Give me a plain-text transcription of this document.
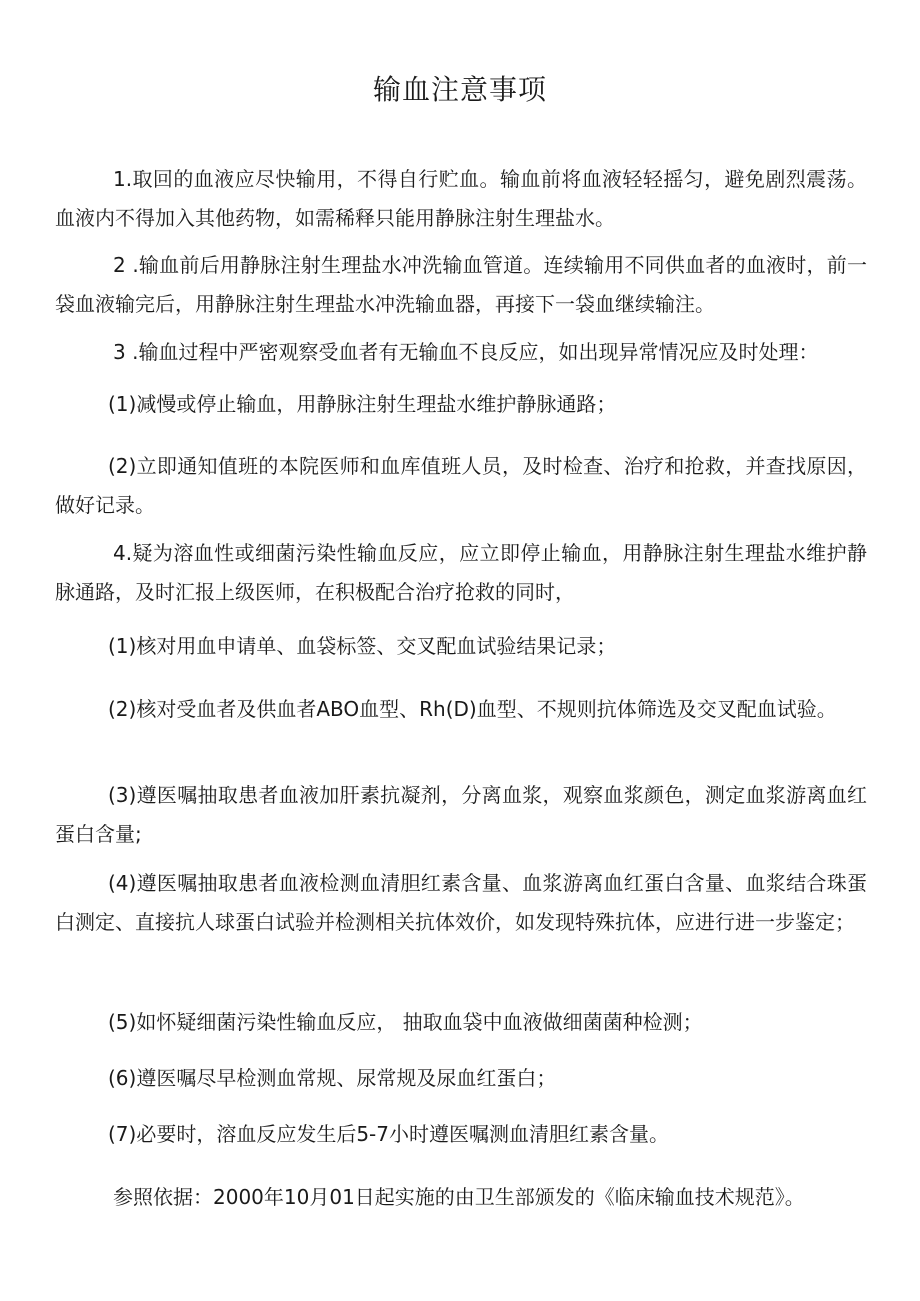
输血注意事项

1.取回的血液应尽快输用，不得自行贮血。输血前将血液轻轻摇匀，避免剧烈震荡。血液内不得加入其他药物，如需稀释只能用静脉注射生理盐水。

2 .输血前后用静脉注射生理盐水冲洗输血管道。连续输用不同供血者的血液时，前一袋血液输完后，用静脉注射生理盐水冲洗输血器，再接下一袋血继续输注。

3 .输血过程中严密观察受血者有无输血不良反应，如出现异常情况应及时处理：

(1)减慢或停止输血，用静脉注射生理盐水维护静脉通路；

(2)立即通知值班的本院医师和血库值班人员，及时检查、治疗和抢救，并查找原因，做好记录。

4.疑为溶血性或细菌污染性输血反应，应立即停止输血，用静脉注射生理盐水维护静脉通路，及时汇报上级医师，在积极配合治疗抢救的同时，

(1)核对用血申请单、血袋标签、交叉配血试验结果记录；

(2)核对受血者及供血者ABO血型、Rh(D)血型、不规则抗体筛选及交叉配血试验。

(3)遵医嘱抽取患者血液加肝素抗凝剂，分离血浆，观察血浆颜色，测定血浆游离血红蛋白含量;

(4)遵医嘱抽取患者血液检测血清胆红素含量、血浆游离血红蛋白含量、血浆结合珠蛋白测定、直接抗人球蛋白试验并检测相关抗体效价，如发现特殊抗体，应进行进一步鉴定；

(5)如怀疑细菌污染性输血反应， 抽取血袋中血液做细菌菌种检测；

(6)遵医嘱尽早检测血常规、尿常规及尿血红蛋白；

(7)必要时，溶血反应发生后5-7小时遵医嘱测血清胆红素含量。

参照依据：2000年10月01日起实施的由卫生部颁发的《临床输血技术规范》。
